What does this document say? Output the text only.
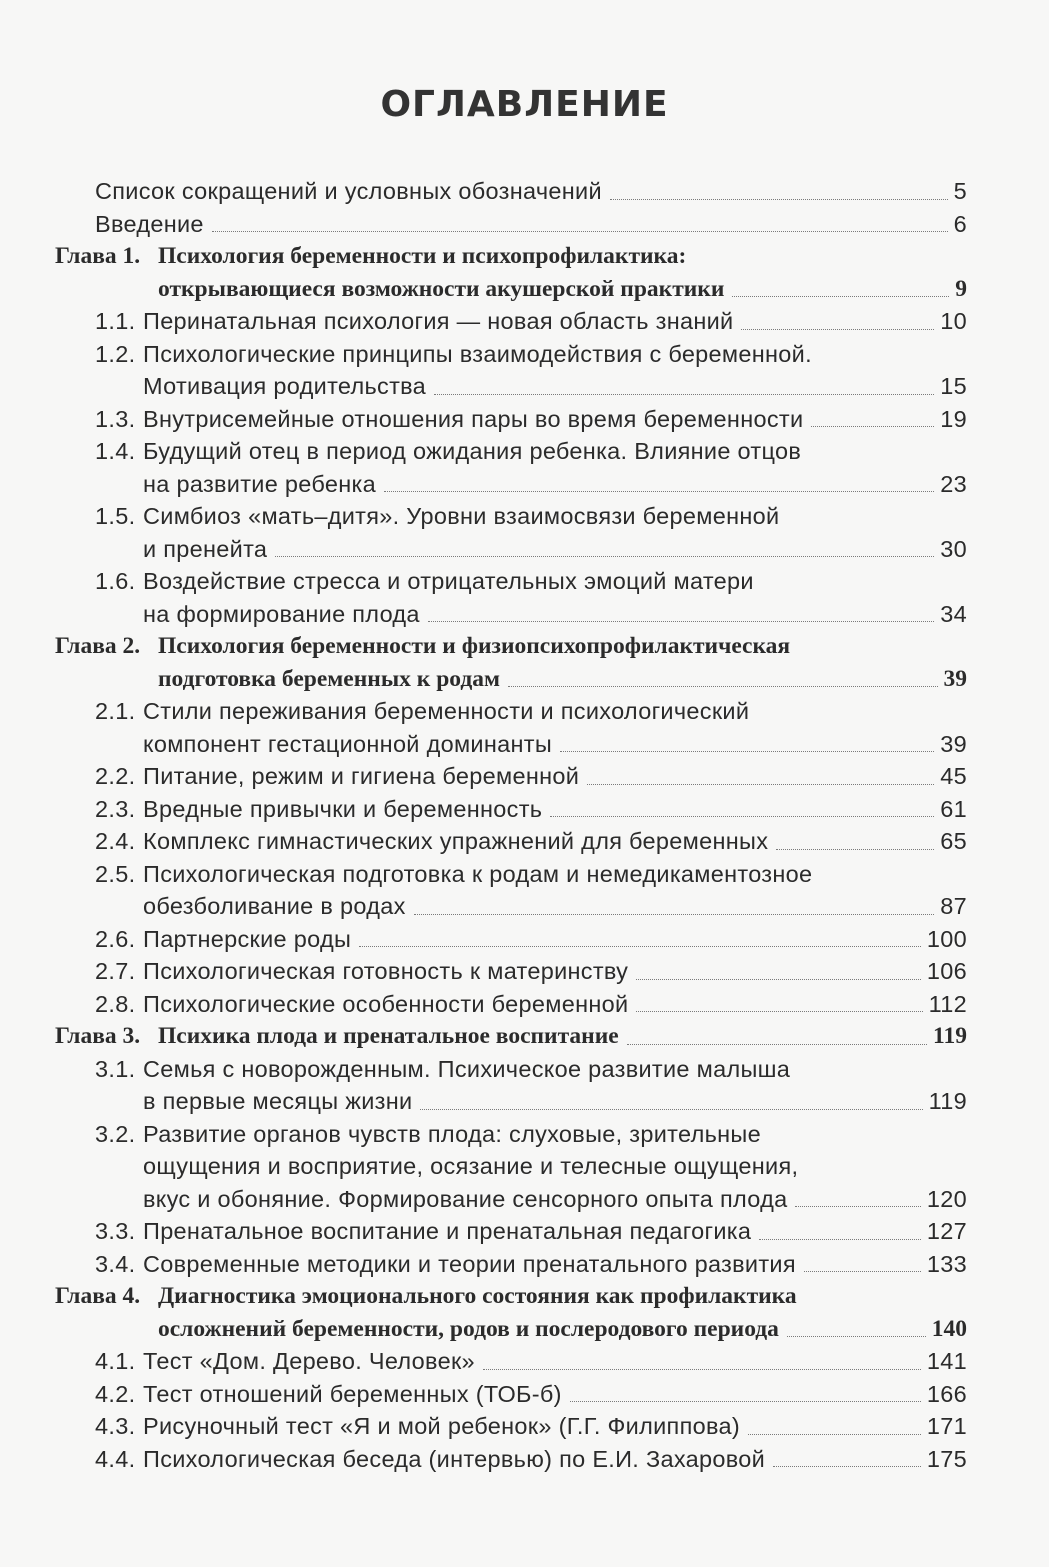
ОГЛАВЛЕНИЕ
Список сокращений и условных обозначений	5
Введение	6
Глава 1. Психология беременности и психопрофилактика:
открывающиеся возможности акушерской практики	9
1.1. Перинатальная психология — новая область знаний	10
1.2. Психологические принципы взаимодействия с беременной.
Мотивация родительства	15
1.3. Внутрисемейные отношения пары во время беременности	19
1.4. Будущий отец в период ожидания ребенка. Влияние отцов
на развитие ребенка	23
1.5. Симбиоз «мать–дитя». Уровни взаимосвязи беременной
и пренейта	30
1.6. Воздействие стресса и отрицательных эмоций матери
на формирование плода	34
Глава 2. Психология беременности и физиопсихопрофилактическая
подготовка беременных к родам	39
2.1. Стили переживания беременности и психологический
компонент гестационной доминанты	39
2.2. Питание, режим и гигиена беременной	45
2.3. Вредные привычки и беременность	61
2.4. Комплекс гимнастических упражнений для беременных	65
2.5. Психологическая подготовка к родам и немедикаментозное
обезболивание в родах	87
2.6. Партнерские роды	100
2.7. Психологическая готовность к материнству	106
2.8. Психологические особенности беременной	112
Глава 3. Психика плода и пренатальное воспитание	119
3.1. Семья с новорожденным. Психическое развитие малыша
в первые месяцы жизни	119
3.2. Развитие органов чувств плода: слуховые, зрительные
ощущения и восприятие, осязание и телесные ощущения,
вкус и обоняние. Формирование сенсорного опыта плода	120
3.3. Пренатальное воспитание и пренатальная педагогика	127
3.4. Современные методики и теории пренатального развития	133
Глава 4. Диагностика эмоционального состояния как профилактика
осложнений беременности, родов и послеродового периода	140
4.1. Тест «Дом. Дерево. Человек»	141
4.2. Тест отношений беременных (ТОБ-б)	166
4.3. Рисуночный тест «Я и мой ребенок» (Г.Г. Филиппова)	171
4.4. Психологическая беседа (интервью) по Е.И. Захаровой	175
